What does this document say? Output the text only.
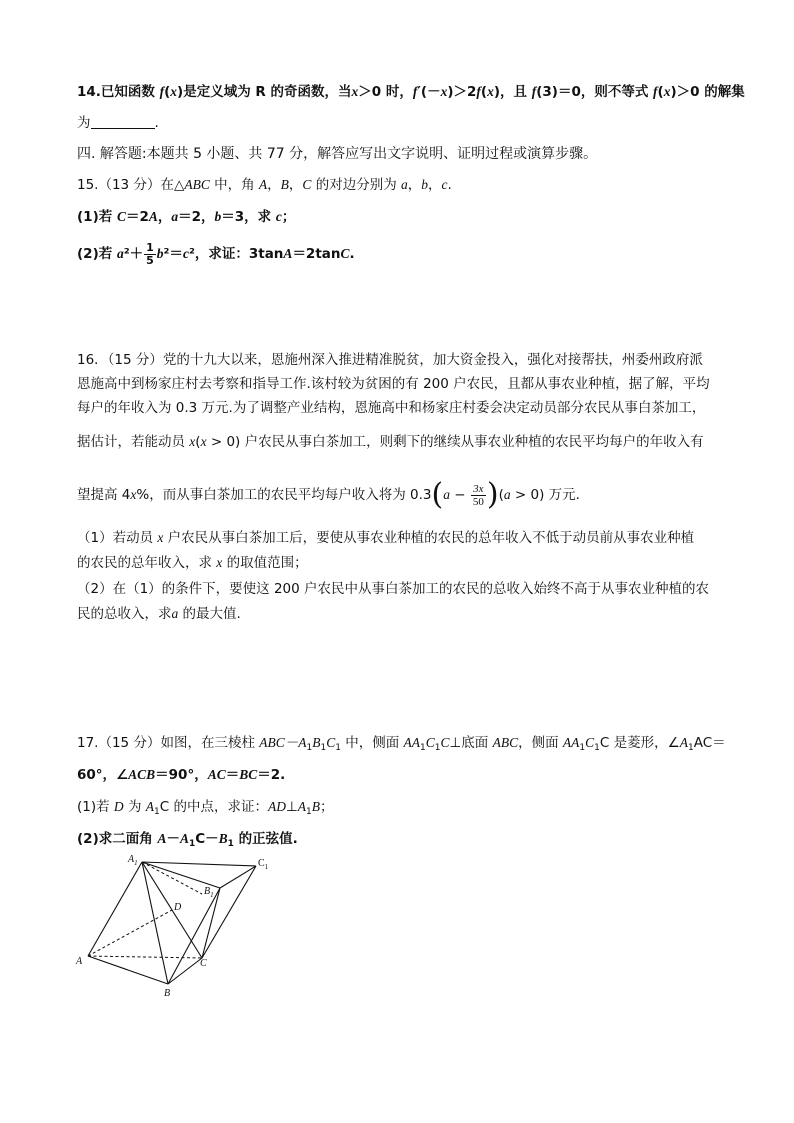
14.已知函数 f(x)是定义域为 R 的奇函数，当x＞0 时，f′(－x)＞2f(x)，且 f(3)＝0，则不等式 f(x)＞0 的解集
为	.
四. 解答题:本题共 5 小题、共 77 分，解答应写出文字说明、证明过程或演算步骤。
15.（13 分）在△ABC 中，角 A，B，C 的对边分别为 a，b，c.
(1)若 C＝2A，a＝2，b＝3，求 c；
(2)若 $a^2+ \frac{1}{5} b^2=c^2$，求证：3tanA＝2tanC.
16．（15 分）党的十九大以来，恩施州深入推进精准脱贫，加大资金投入，强化对接帮扶，州委州政府派
恩施高中到杨家庄村去考察和指导工作.该村较为贫困的有 200 户农民，且都从事农业种植，据了解，平均
每户的年收入为 0.3 万元.为了调整产业结构，恩施高中和杨家庄村委会决定动员部分农民从事白茶加工，
据估计，若能动员 x(x > 0) 户农民从事白茶加工，则剩下的继续从事农业种植的农民平均每户的年收入有
望提高 4x%，而从事白茶加工的农民平均每户收入将为 $0.3(a - \frac{3x}{50} )(a > 0)$ 万元.
（1）若动员 x 户农民从事白茶加工后，要使从事农业种植的农民的总年收入不低于动员前从事农业种植
的农民的总年收入，求 x 的取值范围；
（2）在（1）的条件下，要使这 200 户农民中从事白茶加工的农民的总收入始终不高于从事农业种植的农
民的总收入，求a 的最大值.
17.（15 分）如图，在三棱柱 $ABC-A_1B_1C_1$ 中，侧面 $AA_1C_1C\perp$底面 ABC，侧面 $AA_1C_1C$ 是菱形，$\angle A_1AC=$
60°，∠ACB＝90°，AC＝BC＝2.
(1)若 D 为 $A_1C$ 的中点，求证：$AD\perp A_1B$；
(2)求二面角 $A-A_1C-B_1$ 的正弦值.
$A_1$	$C_1$
$B_1$
D
A	C
B
